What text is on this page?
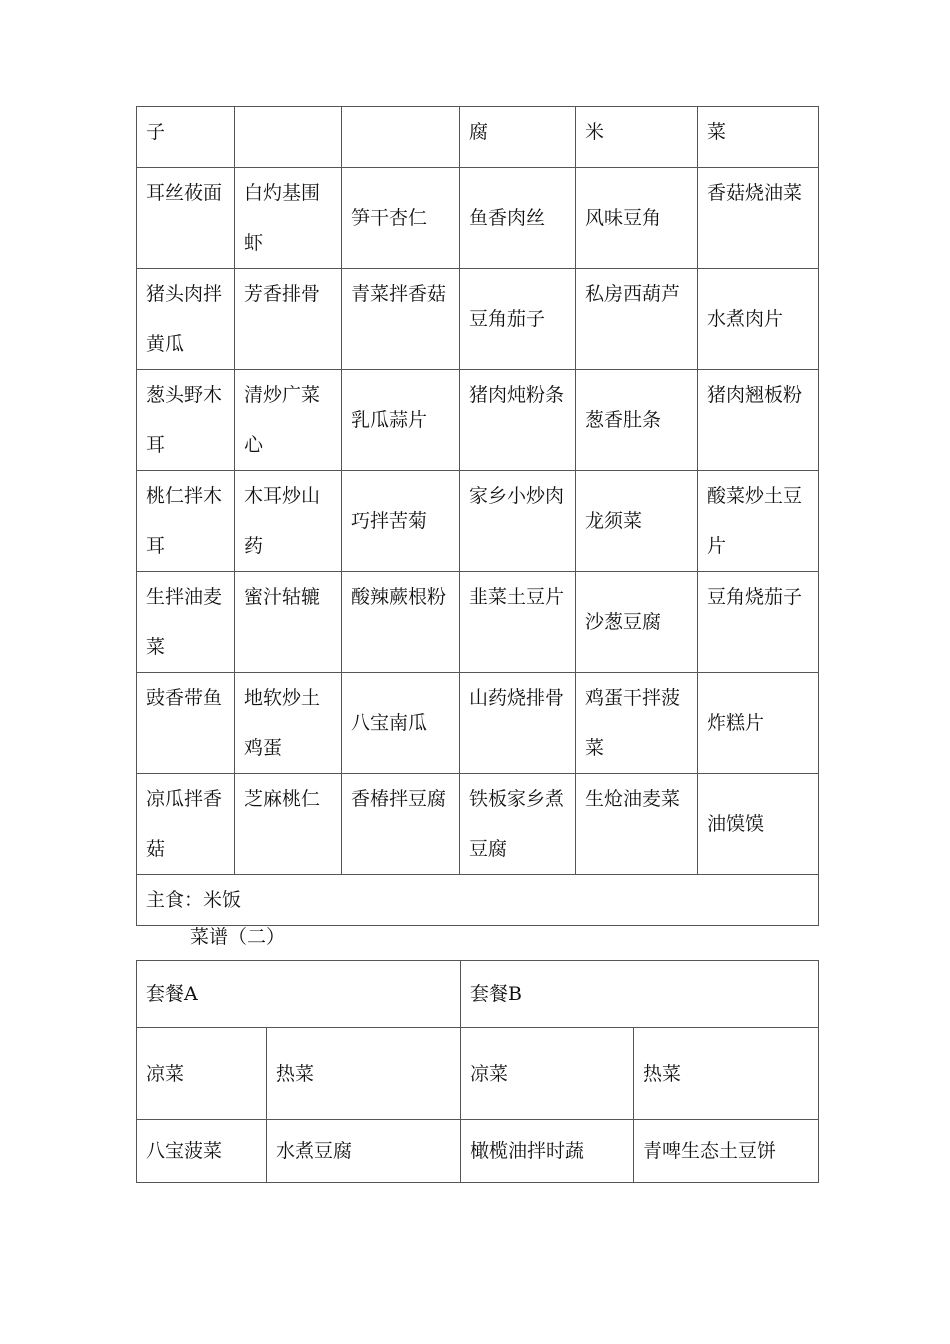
子			腐	米	菜
耳丝莜面	白灼基围虾	笋干杏仁	鱼香肉丝	风味豆角	香菇烧油菜
猪头肉拌黄瓜	芳香排骨	青菜拌香菇	豆角茄子	私房西葫芦	水煮肉片
葱头野木耳	清炒广菜心	乳瓜蒜片	猪肉炖粉条	葱香肚条	猪肉翘板粉
桃仁拌木耳	木耳炒山药	巧拌苦菊	家乡小炒肉	龙须菜	酸菜炒土豆片
生拌油麦菜	蜜汁轱辘	酸辣蕨根粉	韭菜土豆片	沙葱豆腐	豆角烧茄子
豉香带鱼	地软炒土鸡蛋	八宝南瓜	山药烧排骨	鸡蛋干拌菠菜	炸糕片
凉瓜拌香菇	芝麻桃仁	香椿拌豆腐	铁板家乡煮豆腐	生炝油麦菜	油馍馍
主食：米饭					
菜谱（二）
套餐A		套餐B	
凉菜	热菜	凉菜	热菜
八宝菠菜	水煮豆腐	橄榄油拌时蔬	青啤生态土豆饼
